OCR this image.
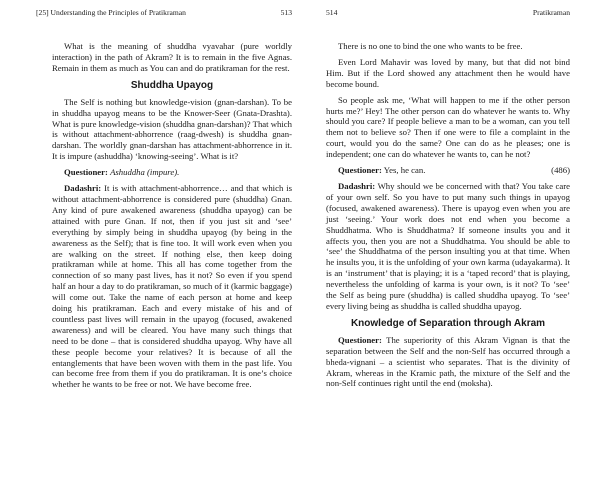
[25] Understanding the Principles of Pratikraman	513

What is the meaning of shuddha vyavahar (pure worldly interaction) in the path of Akram? It is to remain in the five Agnas. Remain in them as much as You can and do pratikraman for the rest.

Shuddha Upayog

The Self is nothing but knowledge-vision (gnan-darshan). To be in shuddha upayog means to be the Knower-Seer (Gnata-Drashta). What is pure knowledge-vision (shuddha gnan-darshan)? That which is without attachment-abhorrence (raag-dwesh) is shuddha gnan-darshan. The worldly gnan-darshan has attachment-abhorrence in it. It is impure (ashuddha) ‘knowing-seeing’. What is it?

Questioner: Ashuddha (impure).

Dadashri: It is with attachment-abhorrence… and that which is without attachment-abhorrence is considered pure (shuddha) Gnan. Any kind of pure awakened awareness (shuddha upayog) can be attained with pure Gnan. If not, then if you just sit and ‘see’ everything by simply being in shuddha upayog (by being in the awareness as the Self); that is fine too. It will work even when you are walking on the street. If nothing else, then keep doing pratikraman while at home. This all has come together from the connection of so many past lives, has it not? So even if you spend half an hour a day to do pratikraman, so much of it (karmic baggage) will come out. Take the name of each person at home and keep doing his pratikraman. Each and every mistake of his and of countless past lives will remain in the upayog (focused, awakened awareness) and will be cleared. You have many such things that need to be done – that is considered shuddha upayog. Why have all these people become your relatives? It is because of all the entanglements that have been woven with them in the past life. You can become free from them if you do pratikraman. It is one’s choice whether he wants to be free or not. We have become free.

514	Pratikraman

There is no one to bind the one who wants to be free.

Even Lord Mahavir was loved by many, but that did not bind Him. But if the Lord showed any attachment then he would have become bound.

So people ask me, ‘What will happen to me if the other person hurts me?’ Hey! The other person can do whatever he wants to. Why should you care? If people believe a man to be a woman, can you tell them not to believe so? Then if one were to file a complaint in the court, would you do the same? One can do as he pleases; one is independent; one can do whatever he wants to, can he not?

Questioner: Yes, he can.	(486)

Dadashri: Why should we be concerned with that? You take care of your own self. So you have to put many such things in upayog (focused, awakened awareness). There is upayog even when you are just ‘seeing.’ Your work does not end when you become a Shuddhatma. Who is Shuddhatma? If someone insults you and it affects you, then you are not a Shuddhatma. You should be able to ‘see’ the Shuddhatma of the person insulting you at that time. When he insults you, it is the unfolding of your own karma (udayakarma). It is an ‘instrument’ that is playing; it is a ‘taped record’ that is playing, nevertheless the unfolding of karma is your own, is it not? To ‘see’ the Self as being pure (shuddha) is called shuddha upayog. To ‘see’ every living being as shuddha is called shuddha upayog.

Knowledge of Separation through Akram

Questioner: The superiority of this Akram Vignan is that the separation between the Self and the non-Self has occurred through a bheda-vignani – a scientist who separates. That is the divinity of Akram, whereas in the Kramic path, the mixture of the Self and the non-Self continues right until the end (moksha).
